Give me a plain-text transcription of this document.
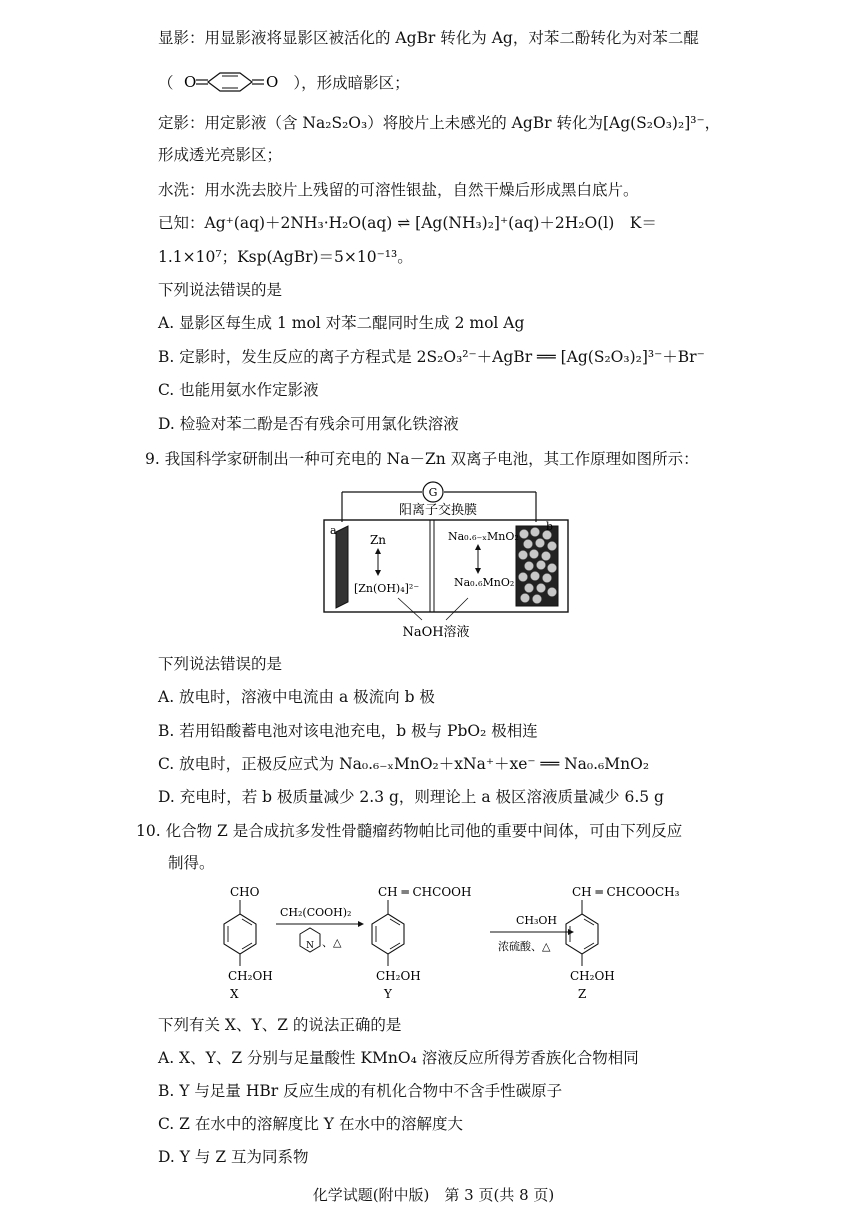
显影：用显影液将显影区被活化的 AgBr 转化为 Ag，对苯二酚转化为对苯二醌
（ O	O ），形成暗影区；
定影：用定影液（含 Na₂S₂O₃）将胶片上未感光的 AgBr 转化为[Ag(S₂O₃)₂]³⁻，
形成透光亮影区；
水洗：用水洗去胶片上残留的可溶性银盐，自然干燥后形成黑白底片。
已知：Ag⁺(aq)＋2NH₃·H₂O(aq) ⇌ [Ag(NH₃)₂]⁺(aq)＋2H₂O(l)　K＝
1.1×10⁷；Ksp(AgBr)＝5×10⁻¹³。
下列说法错误的是
A. 显影区每生成 1 mol 对苯二醌同时生成 2 mol Ag
B. 定影时，发生反应的离子方程式是 2S₂O₃²⁻＋AgBr ══ [Ag(S₂O₃)₂]³⁻＋Br⁻
C. 也能用氨水作定影液
D. 检验对苯二酚是否有残余可用氯化铁溶液
9. 我国科学家研制出一种可充电的 Na－Zn 双离子电池，其工作原理如图所示：
G
阳离子交换膜
a	b
Zn
[Zn(OH)₄]²⁻
Na₀.₆₋ₓMnO₂
Na₀.₆MnO₂
NaOH溶液
下列说法错误的是
A. 放电时，溶液中电流由 a 极流向 b 极
B. 若用铅酸蓄电池对该电池充电，b 极与 PbO₂ 极相连
C. 放电时，正极反应式为 Na₀.₆₋ₓMnO₂＋xNa⁺＋xe⁻ ══ Na₀.₆MnO₂
D. 充电时，若 b 极质量减少 2.3 g，则理论上 a 极区溶液质量减少 6.5 g
10. 化合物 Z 是合成抗多发性骨髓瘤药物帕比司他的重要中间体，可由下列反应
制得。
CHO
CH₂OH
X
CH₂(COOH)₂
N 、△
CH ═ CHCOOH
CH₂OH
Y
CH₃OH
浓硫酸、△
CH ═ CHCOOCH₃
CH₂OH
Z
下列有关 X、Y、Z 的说法正确的是
A. X、Y、Z 分别与足量酸性 KMnO₄ 溶液反应所得芳香族化合物相同
B. Y 与足量 HBr 反应生成的有机化合物中不含手性碳原子
C. Z 在水中的溶解度比 Y 在水中的溶解度大
D. Y 与 Z 互为同系物
化学试题(附中版)　第 3 页(共 8 页)
